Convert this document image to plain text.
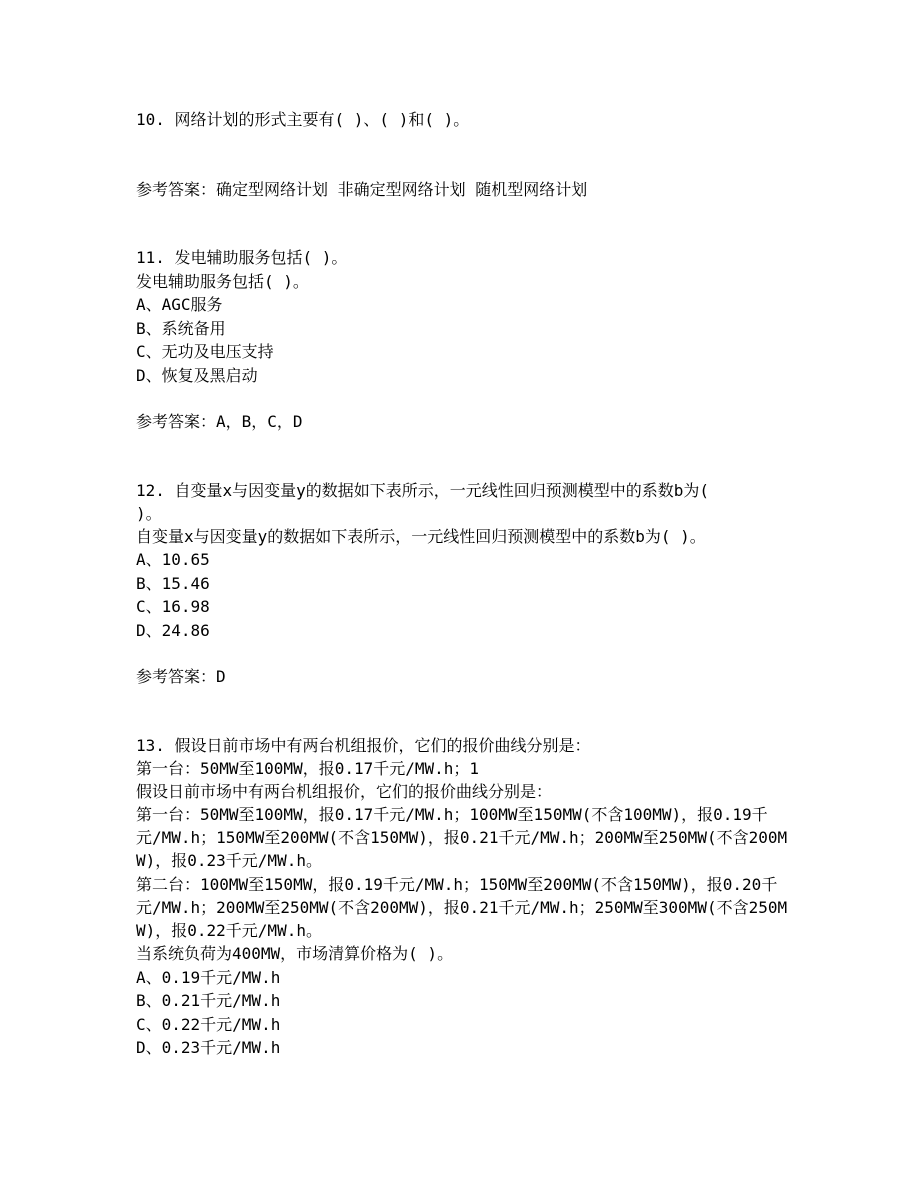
10. 网络计划的形式主要有( )、( )和( )。
参考答案：确定型网络计划 非确定型网络计划 随机型网络计划
11. 发电辅助服务包括( )。
发电辅助服务包括( )。
A、AGC服务
B、系统备用
C、无功及电压支持
D、恢复及黑启动
参考答案：A，B，C，D
12. 自变量x与因变量y的数据如下表所示，一元线性回归预测模型中的系数b为(
)。
自变量x与因变量y的数据如下表所示，一元线性回归预测模型中的系数b为( )。
A、10.65
B、15.46
C、16.98
D、24.86
参考答案：D
13. 假设日前市场中有两台机组报价，它们的报价曲线分别是：
第一台：50MW至100MW，报0.17千元/MW.h；1
假设日前市场中有两台机组报价，它们的报价曲线分别是：
第一台：50MW至100MW，报0.17千元/MW.h；100MW至150MW(不含100MW)，报0.19千
元/MW.h；150MW至200MW(不含150MW)，报0.21千元/MW.h；200MW至250MW(不含200M
W)，报0.23千元/MW.h。
第二台：100MW至150MW，报0.19千元/MW.h；150MW至200MW(不含150MW)，报0.20千
元/MW.h；200MW至250MW(不含200MW)，报0.21千元/MW.h；250MW至300MW(不含250M
W)，报0.22千元/MW.h。
当系统负荷为400MW，市场清算价格为( )。
A、0.19千元/MW.h
B、0.21千元/MW.h
C、0.22千元/MW.h
D、0.23千元/MW.h
